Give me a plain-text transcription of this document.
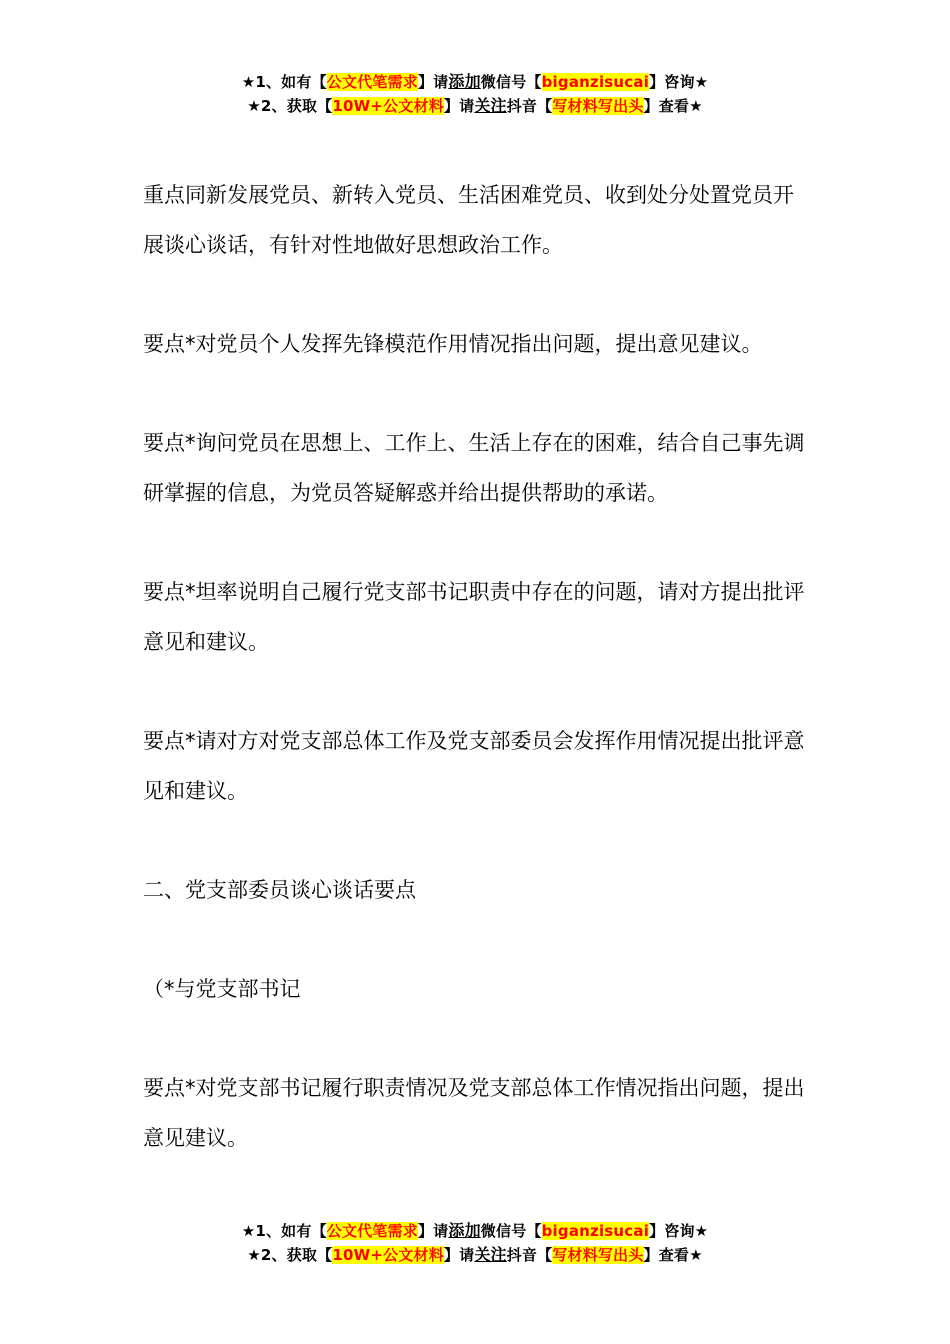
★1、如有【公文代笔需求】请添加微信号【biganzisucai】咨询★
★2、获取【10W+公文材料】请关注抖音【写材料写出头】查看★

重点同新发展党员、新转入党员、生活困难党员、收到处分处置党员开展谈心谈话，有针对性地做好思想政治工作。

要点*对党员个人发挥先锋模范作用情况指出问题，提出意见建议。

要点*询问党员在思想上、工作上、生活上存在的困难，结合自己事先调研掌握的信息，为党员答疑解惑并给出提供帮助的承诺。

要点*坦率说明自己履行党支部书记职责中存在的问题，请对方提出批评意见和建议。

要点*请对方对党支部总体工作及党支部委员会发挥作用情况提出批评意见和建议。

二、党支部委员谈心谈话要点

（*与党支部书记

要点*对党支部书记履行职责情况及党支部总体工作情况指出问题，提出意见建议。

★1、如有【公文代笔需求】请添加微信号【biganzisucai】咨询★
★2、获取【10W+公文材料】请关注抖音【写材料写出头】查看★
